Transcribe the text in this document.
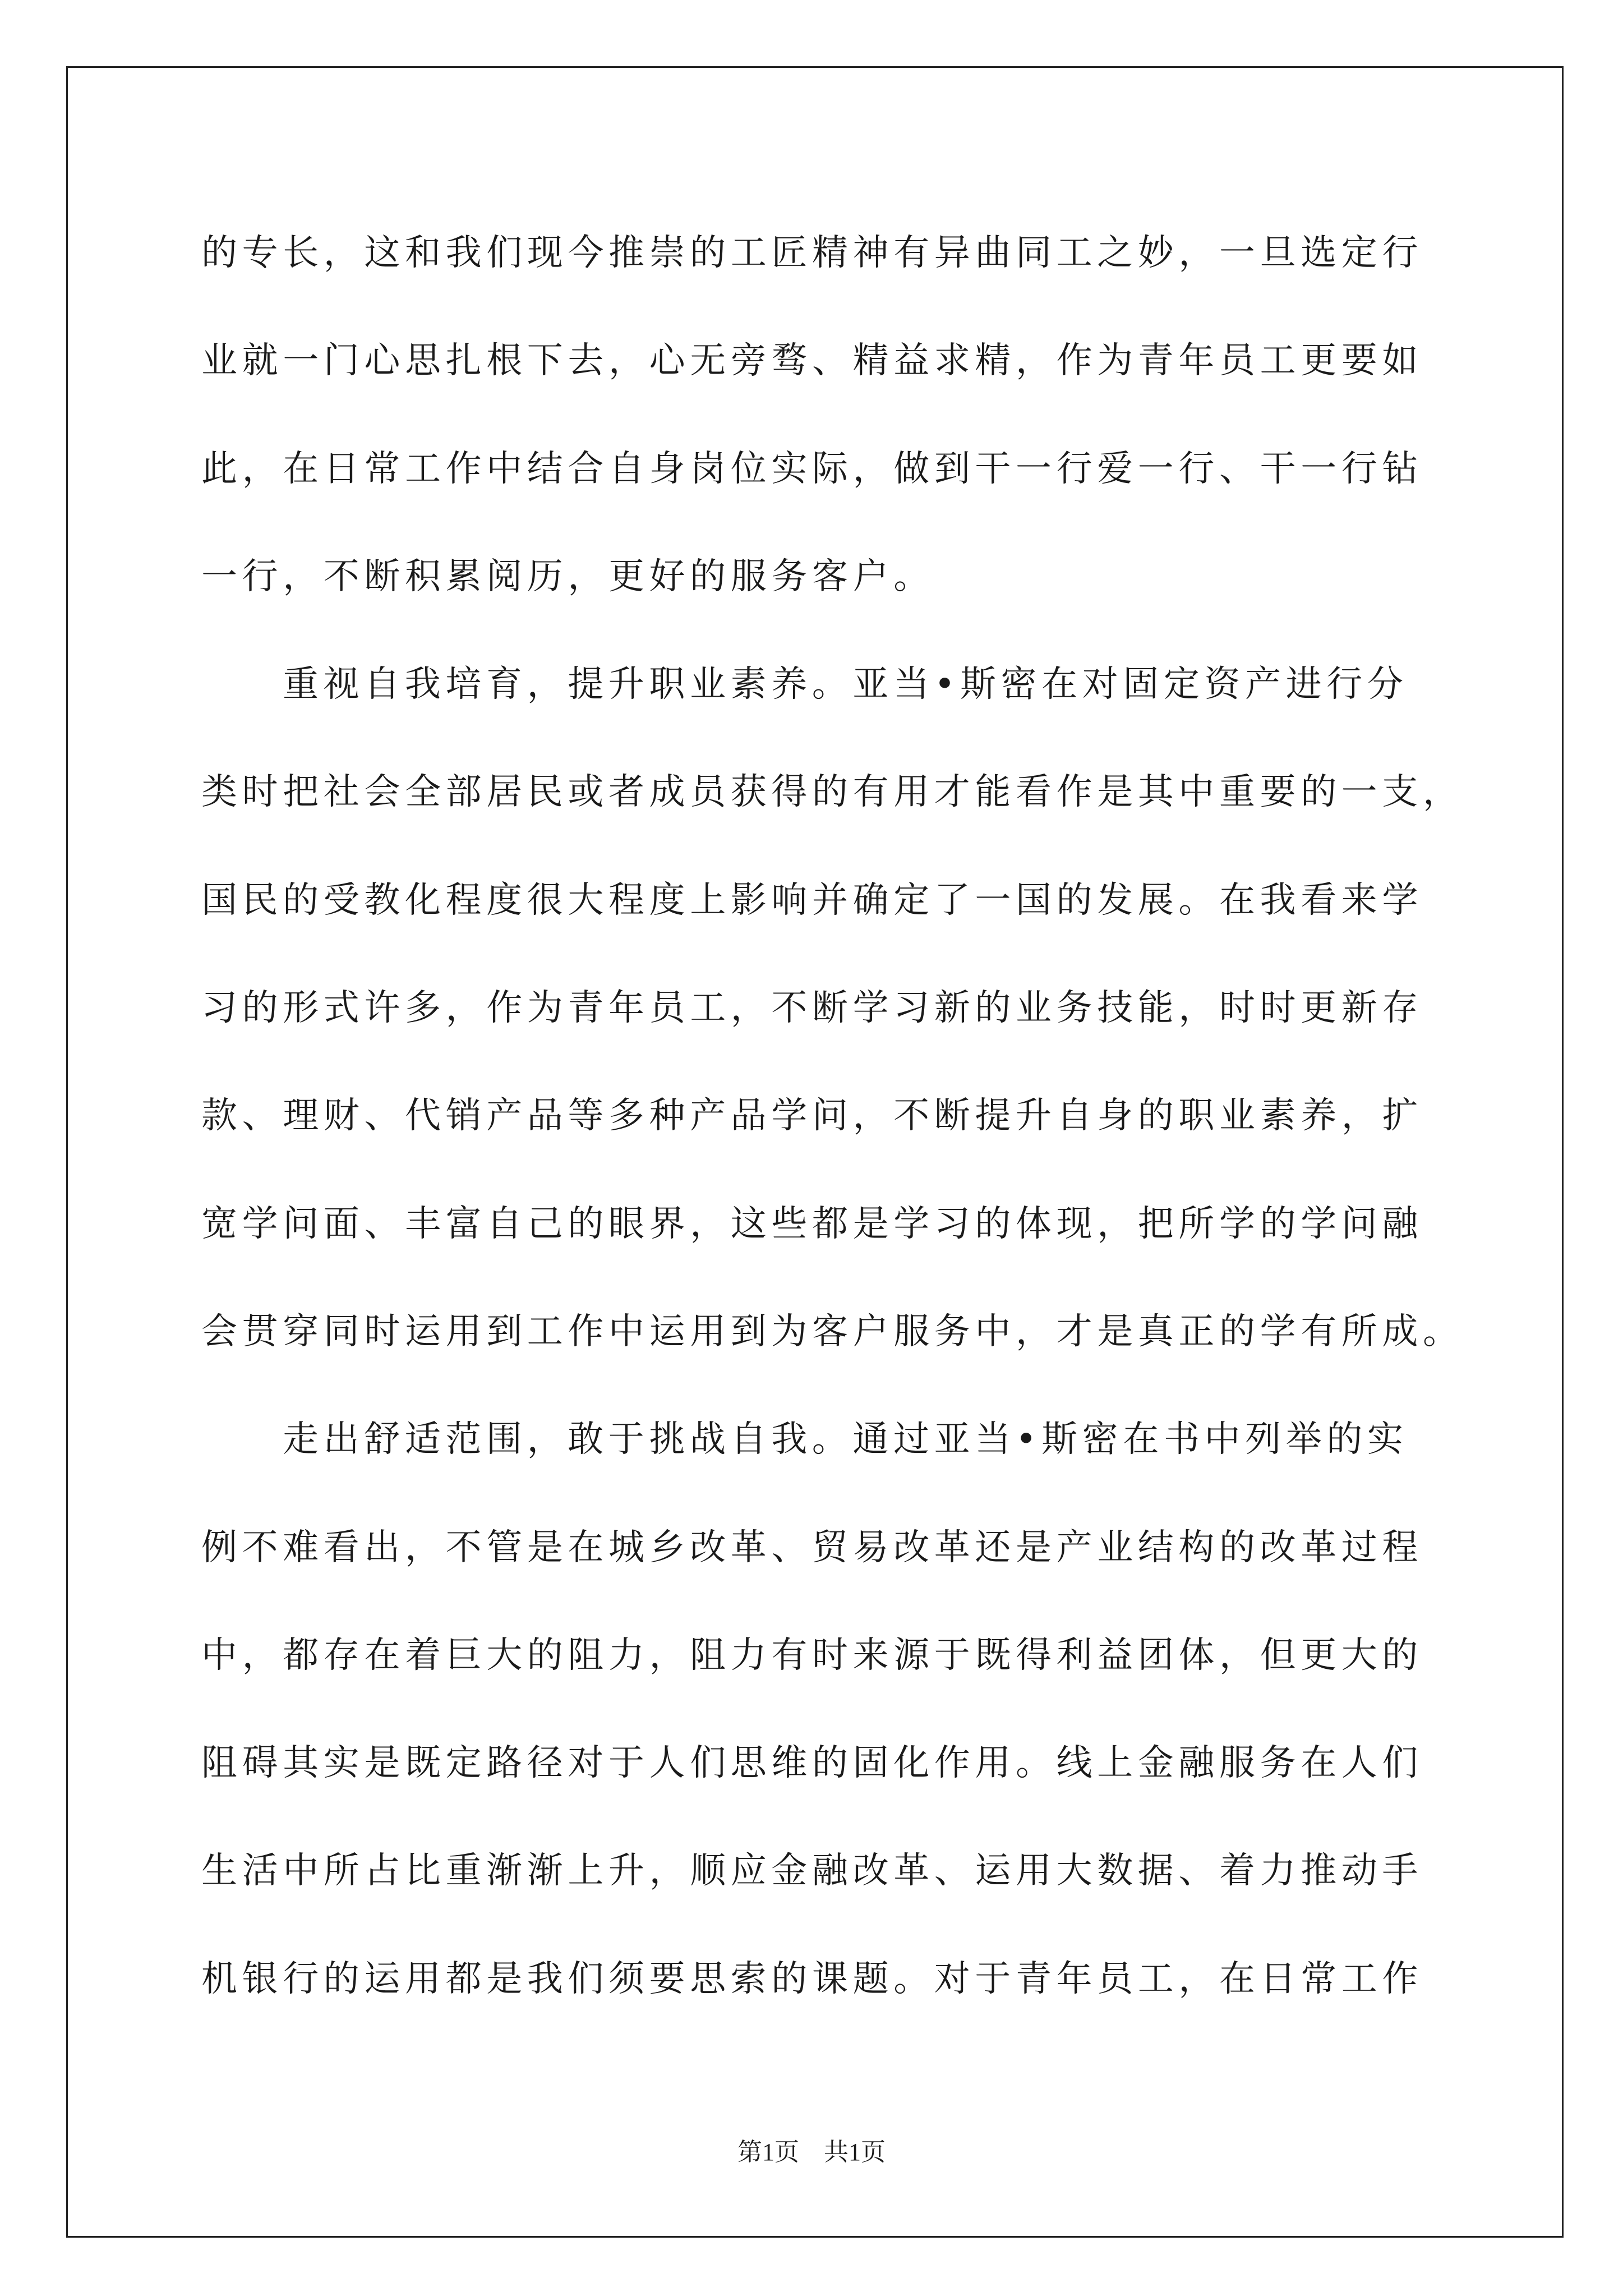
的专长，这和我们现今推崇的工匠精神有异曲同工之妙，一旦选定行
业就一门心思扎根下去，心无旁骛、精益求精，作为青年员工更要如
此，在日常工作中结合自身岗位实际，做到干一行爱一行、干一行钻
一行，不断积累阅历，更好的服务客户。
重视自我培育，提升职业素养。亚当•斯密在对固定资产进行分
类时把社会全部居民或者成员获得的有用才能看作是其中重要的一支，
国民的受教化程度很大程度上影响并确定了一国的发展。在我看来学
习的形式许多，作为青年员工，不断学习新的业务技能，时时更新存
款、理财、代销产品等多种产品学问，不断提升自身的职业素养，扩
宽学问面、丰富自己的眼界，这些都是学习的体现，把所学的学问融
会贯穿同时运用到工作中运用到为客户服务中，才是真正的学有所成。
走出舒适范围，敢于挑战自我。通过亚当•斯密在书中列举的实
例不难看出，不管是在城乡改革、贸易改革还是产业结构的改革过程
中，都存在着巨大的阻力，阻力有时来源于既得利益团体，但更大的
阻碍其实是既定路径对于人们思维的固化作用。线上金融服务在人们
生活中所占比重渐渐上升，顺应金融改革、运用大数据、着力推动手
机银行的运用都是我们须要思索的课题。对于青年员工，在日常工作
第1页 共1页
